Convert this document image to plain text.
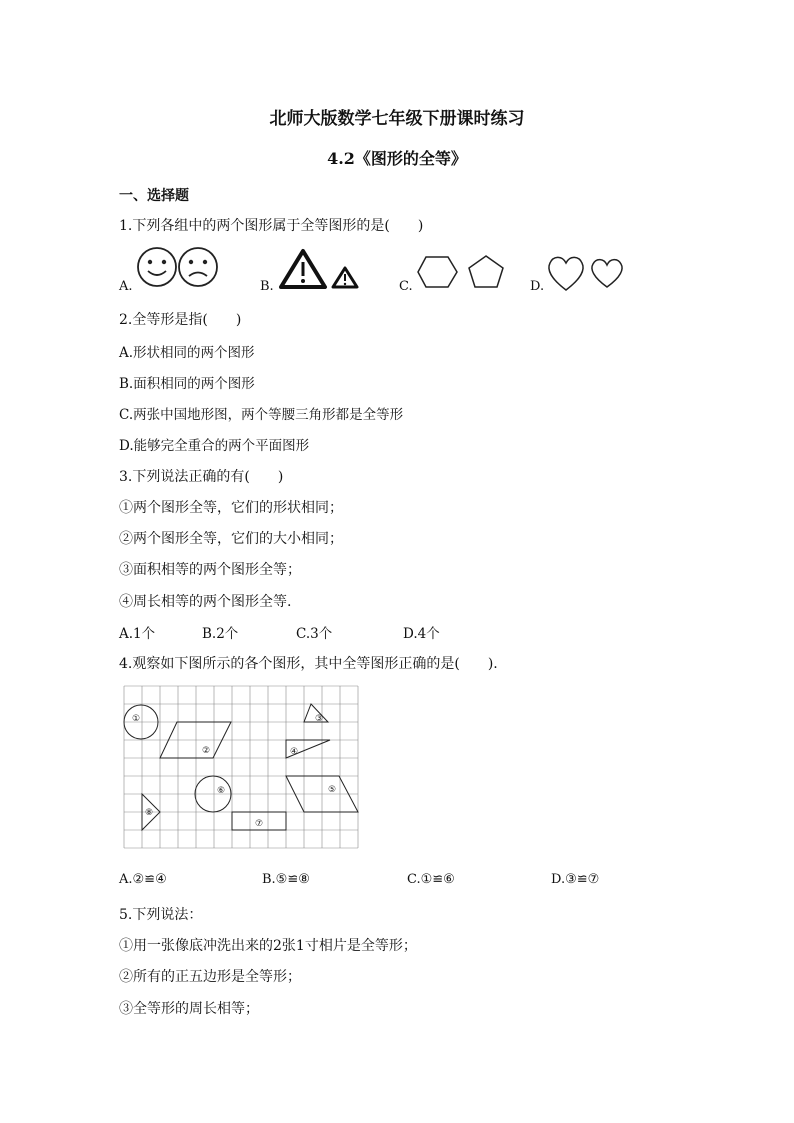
北师大版数学七年级下册课时练习
4.2《图形的全等》
一、选择题
1.下列各组中的两个图形属于全等图形的是(　　)
A.	B.	C.	D.
2.全等形是指(　　)
A.形状相同的两个图形
B.面积相同的两个图形
C.两张中国地形图，两个等腰三角形都是全等形
D.能够完全重合的两个平面图形
3.下列说法正确的有(　　)
①两个图形全等，它们的形状相同；
②两个图形全等，它们的大小相同；
③面积相等的两个图形全等；
④周长相等的两个图形全等.
A.1个	B.2个	C.3个	D.4个
4.观察如下图所示的各个图形，其中全等图形正确的是(　　).
①
②
③
④
⑤
⑥
⑦
⑧
A.②≌④	B.⑤≌⑧	C.①≌⑥	D.③≌⑦
5.下列说法：
①用一张像底冲洗出来的2张1寸相片是全等形；
②所有的正五边形是全等形；
③全等形的周长相等；
